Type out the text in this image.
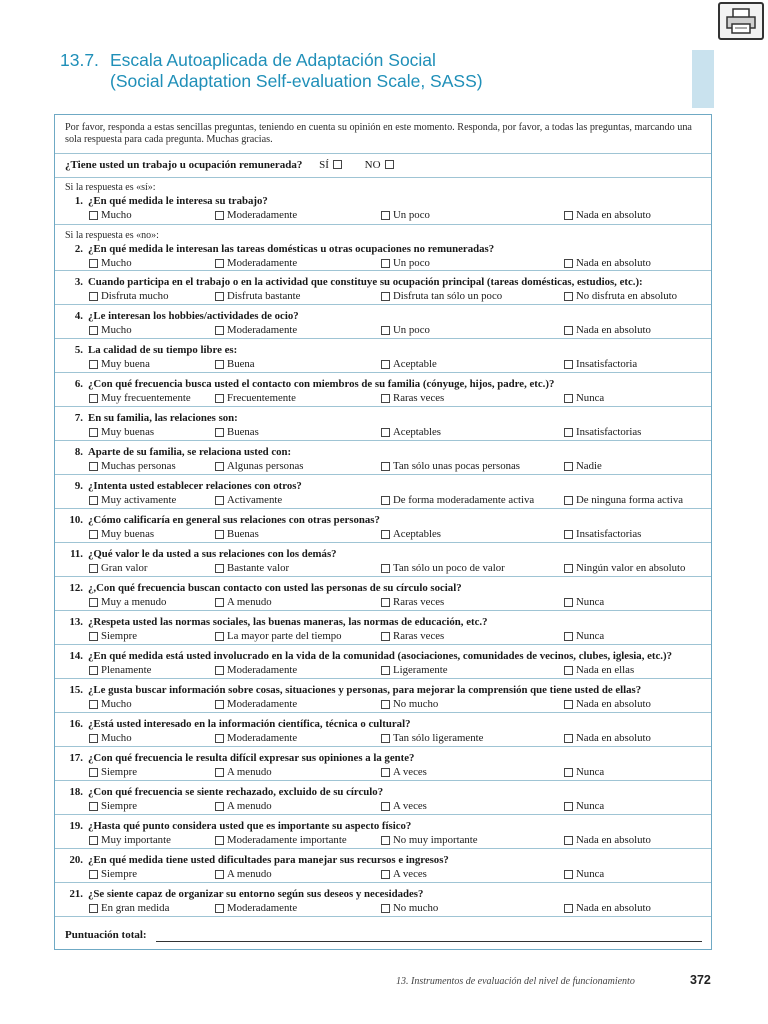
13.7. Escala Autoaplicada de Adaptación Social
(Social Adaptation Self-evaluation Scale, SASS)
Por favor, responda a estas sencillas preguntas, teniendo en cuenta su opinión en este momento. Responda, por favor, a todas las preguntas, marcando una sola respuesta para cada pregunta. Muchas gracias.
¿Tiene usted un trabajo u ocupación remunerada? SÍ	NO
Si la respuesta es «sí»:
Si la respuesta es «no»:
1. ¿En qué medida le interesa su trabajo?
Mucho	Moderadamente	Un poco	Nada en absoluto
2. ¿En qué medida le interesan las tareas domésticas u otras ocupaciones no remuneradas?
Mucho	Moderadamente	Un poco	Nada en absoluto
3. Cuando participa en el trabajo o en la actividad que constituye su ocupación principal (tareas domésticas, estudios, etc.):
Disfruta mucho	Disfruta bastante	Disfruta tan sólo un poco	No disfruta en absoluto
4. ¿Le interesan los hobbies/actividades de ocio?
Mucho	Moderadamente	Un poco	Nada en absoluto
5. La calidad de su tiempo libre es:
Muy buena	Buena	Aceptable	Insatisfactoria
6. ¿Con qué frecuencia busca usted el contacto con miembros de su familia (cónyuge, hijos, padre, etc.)?
Muy frecuentemente	Frecuentemente	Raras veces	Nunca
7. En su familia, las relaciones son:
Muy buenas	Buenas	Aceptables	Insatisfactorias
8. Aparte de su familia, se relaciona usted con:
Muchas personas	Algunas personas	Tan sólo unas pocas personas	Nadie
9. ¿Intenta usted establecer relaciones con otros?
Muy activamente	Activamente	De forma moderadamente activa	De ninguna forma activa
10. ¿Cómo calificaría en general sus relaciones con otras personas?
Muy buenas	Buenas	Aceptables	Insatisfactorias
11. ¿Qué valor le da usted a sus relaciones con los demás?
Gran valor	Bastante valor	Tan sólo un poco de valor	Ningún valor en absoluto
12. ¿,Con qué frecuencia buscan contacto con usted las personas de su círculo social?
Muy a menudo	A menudo	Raras veces	Nunca
13. ¿Respeta usted las normas sociales, las buenas maneras, las normas de educación, etc.?
Siempre	La mayor parte del tiempo	Raras veces	Nunca
14. ¿En qué medida está usted involucrado en la vida de la comunidad (asociaciones, comunidades de vecinos, clubes, iglesia, etc.)?
Plenamente	Moderadamente	Ligeramente	Nada en ellas
15. ¿Le gusta buscar información sobre cosas, situaciones y personas, para mejorar la comprensión que tiene usted de ellas?
Mucho	Moderadamente	No mucho	Nada en absoluto
16. ¿Está usted interesado en la información científica, técnica o cultural?
Mucho	Moderadamente	Tan sólo ligeramente	Nada en absoluto
17. ¿Con qué frecuencia le resulta difícil expresar sus opiniones a la gente?
Siempre	A menudo	A veces	Nunca
18. ¿Con qué frecuencia se siente rechazado, excluido de su círculo?
Siempre	A menudo	A veces	Nunca
19. ¿Hasta qué punto considera usted que es importante su aspecto físico?
Muy importante	Moderadamente importante	No muy importante	Nada en absoluto
20. ¿En qué medida tiene usted dificultades para manejar sus recursos e ingresos?
Siempre	A menudo	A veces	Nunca
21. ¿Se siente capaz de organizar su entorno según sus deseos y necesidades?
En gran medida	Moderadamente	No mucho	Nada en absoluto
Puntuación total:
13. Instrumentos de evaluación del nivel de funcionamiento	372
